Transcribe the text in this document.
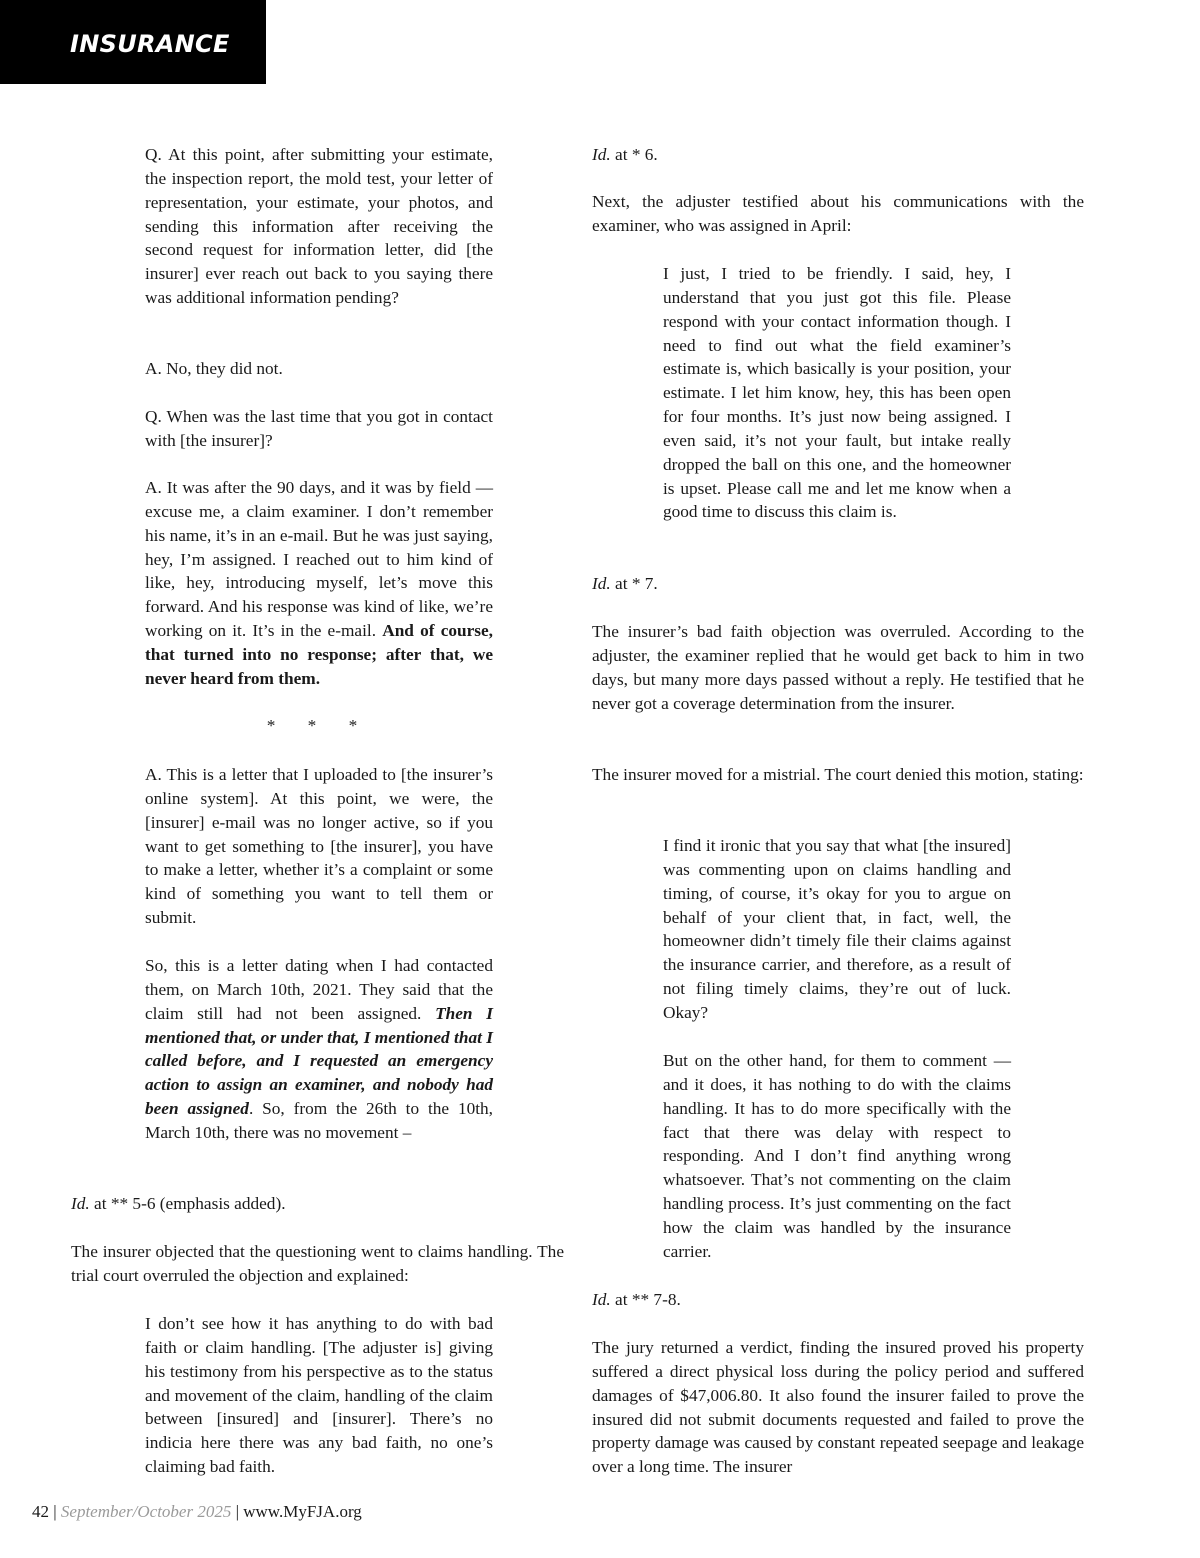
INSURANCE

Q. At this point, after submitting your estimate, the inspection report, the mold test, your letter of representation, your estimate, your photos, and sending this information after receiving the second request for information letter, did [the insurer] ever reach out back to you saying there was additional information pending?

A. No, they did not.

Q. When was the last time that you got in contact with [the insurer]?

A. It was after the 90 days, and it was by field — excuse me, a claim examiner. I don’t remember his name, it’s in an e-mail. But he was just saying, hey, I’m assigned. I reached out to him kind of like, hey, introducing myself, let’s move this forward. And his response was kind of like, we’re working on it. It’s in the e-mail. And of course, that turned into no response; after that, we never heard from them.

* * *

A. This is a letter that I uploaded to [the insurer’s online system]. At this point, we were, the [insurer] e-mail was no longer active, so if you want to get something to [the insurer], you have to make a letter, whether it’s a complaint or some kind of something you want to tell them or submit.

So, this is a letter dating when I had contacted them, on March 10th, 2021. They said that the claim still had not been assigned. Then I mentioned that, or under that, I mentioned that I called before, and I requested an emergency action to assign an examiner, and nobody had been assigned. So, from the 26th to the 10th, March 10th, there was no movement –

Id. at ** 5-6 (emphasis added).

The insurer objected that the questioning went to claims handling. The trial court overruled the objection and explained:

I don’t see how it has anything to do with bad faith or claim handling. [The adjuster is] giving his testimony from his perspective as to the status and movement of the claim, handling of the claim between [insured] and [insurer]. There’s no indicia here there was any bad faith, no one’s claiming bad faith.

Id. at * 6.

Next, the adjuster testified about his communications with the examiner, who was assigned in April:

I just, I tried to be friendly. I said, hey, I understand that you just got this file. Please respond with your contact information though. I need to find out what the field examiner’s estimate is, which basically is your position, your estimate. I let him know, hey, this has been open for four months. It’s just now being assigned. I even said, it’s not your fault, but intake really dropped the ball on this one, and the homeowner is upset. Please call me and let me know when a good time to discuss this claim is.

Id. at * 7.

The insurer’s bad faith objection was overruled. According to the adjuster, the examiner replied that he would get back to him in two days, but many more days passed without a reply. He testified that he never got a coverage determination from the insurer.

The insurer moved for a mistrial. The court denied this motion, stating:

I find it ironic that you say that what [the insured] was commenting upon on claims handling and timing, of course, it’s okay for you to argue on behalf of your client that, in fact, well, the homeowner didn’t timely file their claims against the insurance carrier, and therefore, as a result of not filing timely claims, they’re out of luck. Okay?

But on the other hand, for them to comment — and it does, it has nothing to do with the claims handling. It has to do more specifically with the fact that there was delay with respect to responding. And I don’t find anything wrong whatsoever. That’s not commenting on the claim handling process. It’s just commenting on the fact how the claim was handled by the insurance carrier.

Id. at ** 7-8.

The jury returned a verdict, finding the insured proved his property suffered a direct physical loss during the policy period and suffered damages of $47,006.80. It also found the insurer failed to prove the insured did not submit documents requested and failed to prove the property damage was caused by constant repeated seepage and leakage over a long time. The insurer

42 | September/October 2025 | www.MyFJA.org
